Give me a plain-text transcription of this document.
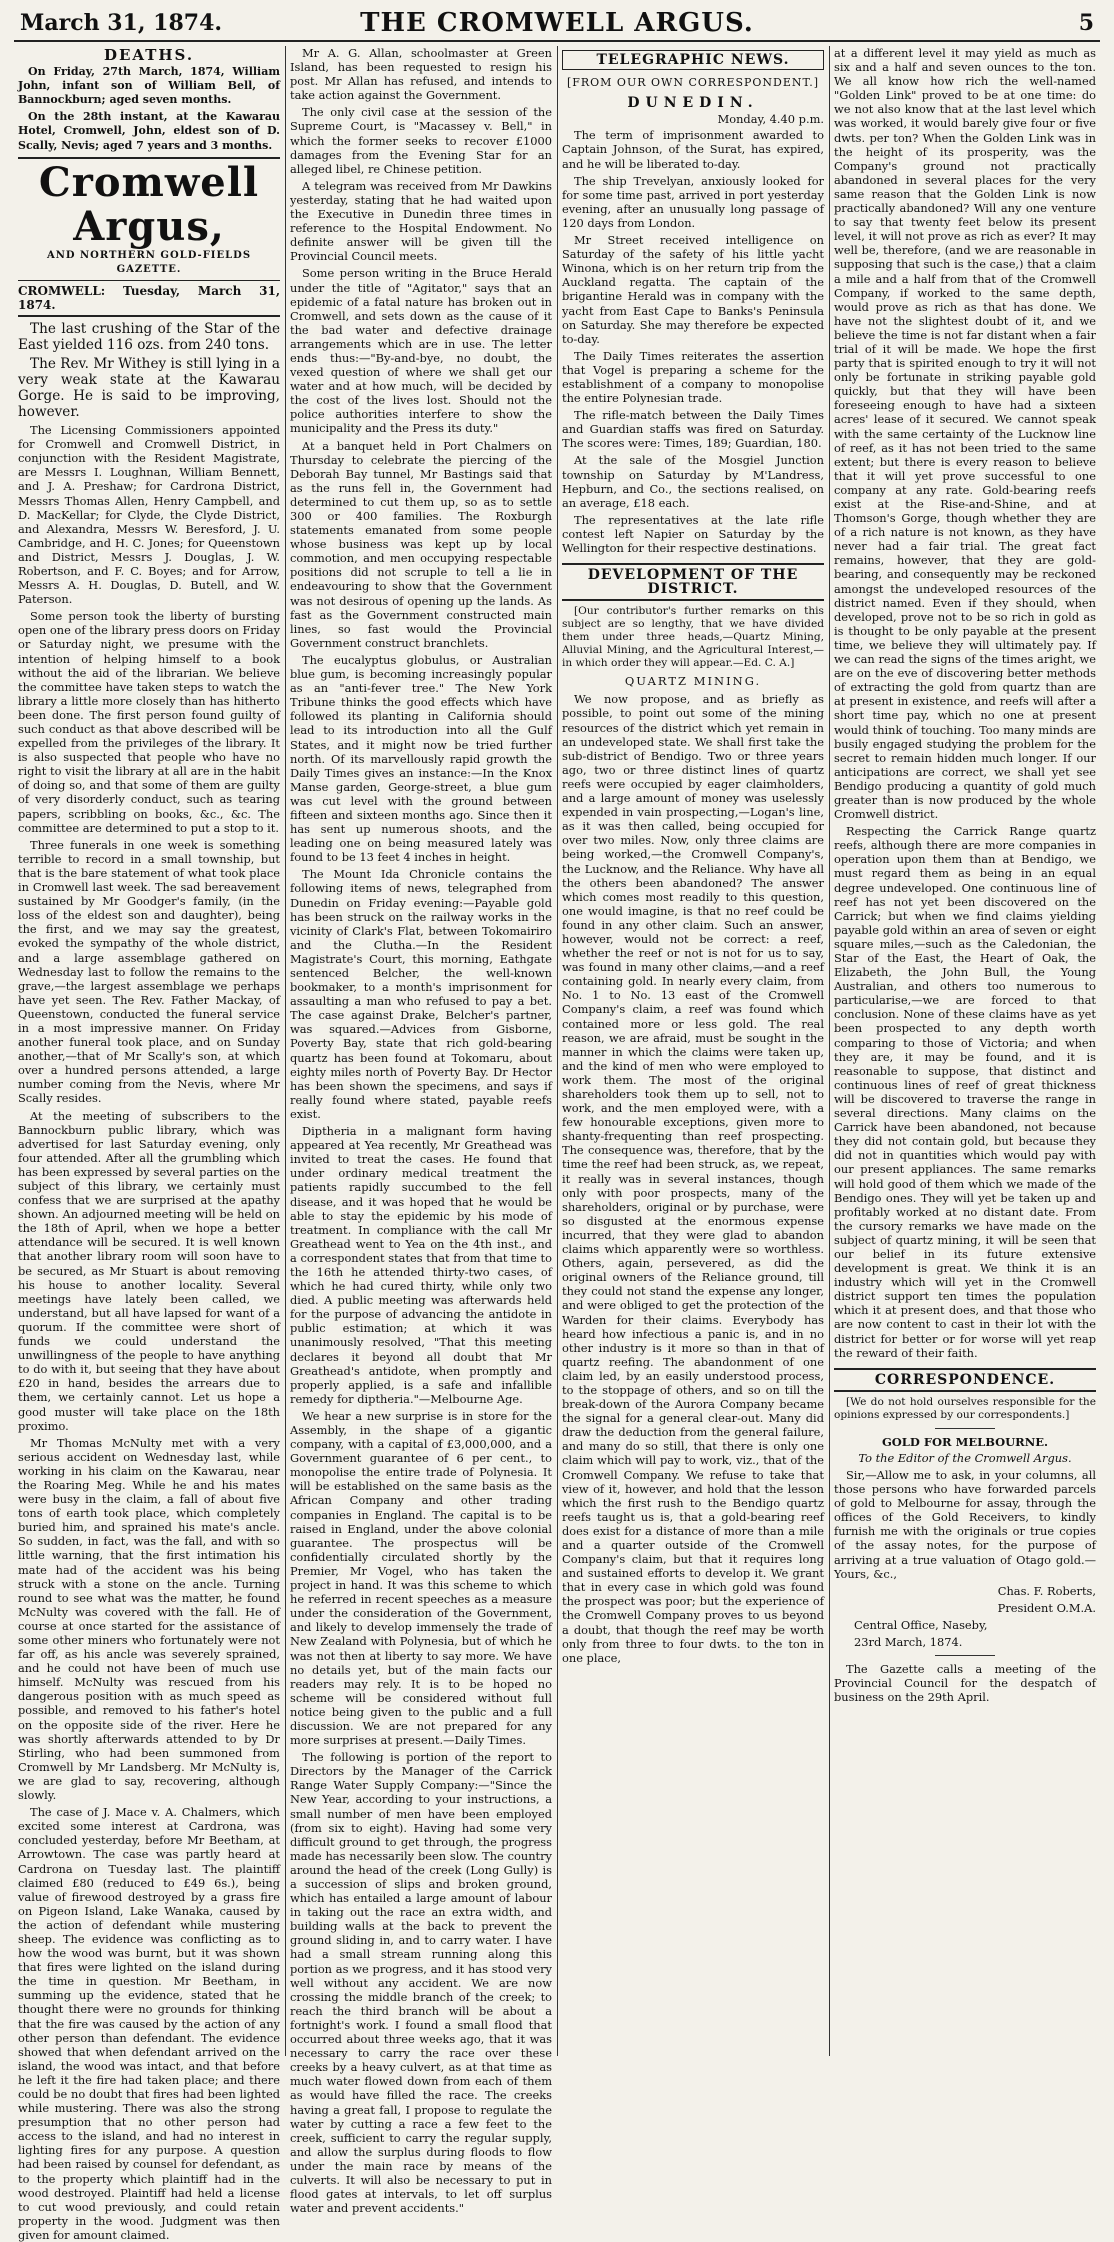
March 31, 1874.	THE CROMWELL ARGUS.	5
DEATHS.

On Friday, 27th March, 1874, William John, infant son of William Bell, of Bannockburn; aged seven months.

On the 28th instant, at the Kawarau Hotel, Cromwell, John, eldest son of D. Scally, Nevis; aged 7 years and 3 months.

Cromwell Argus,
AND NORTHERN GOLD-FIELDS GAZETTE.

CROMWELL: Tuesday, March 31, 1874.

The last crushing of the Star of the East yielded 116 ozs. from 240 tons.

The Rev. Mr Withey is still lying in a very weak state at the Kawarau Gorge. He is said to be improving, however.

The Licensing Commissioners appointed for Cromwell and Cromwell District, in conjunction with the Resident Magistrate, are Messrs I. Loughnan, William Bennett, and J. A. Preshaw; for Cardrona District, Messrs Thomas Allen, Henry Campbell, and D. MacKellar; for Clyde, the Clyde District, and Alexandra, Messrs W. Beresford, J. U. Cambridge, and H. C. Jones; for Queenstown and District, Messrs J. Douglas, J. W. Robertson, and F. C. Boyes; and for Arrow, Messrs A. H. Douglas, D. Butell, and W. Paterson.

Some person took the liberty of bursting open one of the library press doors on Friday or Saturday night, we presume with the intention of helping himself to a book without the aid of the librarian. We believe the committee have taken steps to watch the library a little more closely than has hitherto been done. The first person found guilty of such conduct as that above described will be expelled from the privileges of the library. It is also suspected that people who have no right to visit the library at all are in the habit of doing so, and that some of them are guilty of very disorderly conduct, such as tearing papers, scribbling on books, &c., &c. The committee are determined to put a stop to it.

Three funerals in one week is something terrible to record in a small township, but that is the bare statement of what took place in Cromwell last week. The sad bereavement sustained by Mr Goodger's family, (in the loss of the eldest son and daughter), being the first, and we may say the greatest, evoked the sympathy of the whole district, and a large assemblage gathered on Wednesday last to follow the remains to the grave,—the largest assemblage we perhaps have yet seen. The Rev. Father Mackay, of Queenstown, conducted the funeral service in a most impressive manner. On Friday another funeral took place, and on Sunday another,—that of Mr Scally's son, at which over a hundred persons attended, a large number coming from the Nevis, where Mr Scally resides.

At the meeting of subscribers to the Bannockburn public library, which was advertised for last Saturday evening, only four attended. After all the grumbling which has been expressed by several parties on the subject of this library, we certainly must confess that we are surprised at the apathy shown. An adjourned meeting will be held on the 18th of April, when we hope a better attendance will be secured. It is well known that another library room will soon have to be secured, as Mr Stuart is about removing his house to another locality. Several meetings have lately been called, we understand, but all have lapsed for want of a quorum. If the committee were short of funds we could understand the unwillingness of the people to have anything to do with it, but seeing that they have about £20 in hand, besides the arrears due to them, we certainly cannot. Let us hope a good muster will take place on the 18th proximo.

Mr Thomas McNulty met with a very serious accident on Wednesday last, while working in his claim on the Kawarau, near the Roaring Meg. While he and his mates were busy in the claim, a fall of about five tons of earth took place, which completely buried him, and sprained his mate's ancle. So sudden, in fact, was the fall, and with so little warning, that the first intimation his mate had of the accident was his being struck with a stone on the ancle. Turning round to see what was the matter, he found McNulty was covered with the fall. He of course at once started for the assistance of some other miners who fortunately were not far off, as his ancle was severely sprained, and he could not have been of much use himself. McNulty was rescued from his dangerous position with as much speed as possible, and removed to his father's hotel on the opposite side of the river. Here he was shortly afterwards attended to by Dr Stirling, who had been summoned from Cromwell by Mr Landsberg. Mr McNulty is, we are glad to say, recovering, although slowly.

The case of J. Mace v. A. Chalmers, which excited some interest at Cardrona, was concluded yesterday, before Mr Beetham, at Arrowtown. The case was partly heard at Cardrona on Tuesday last. The plaintiff claimed £80 (reduced to £49 6s.), being value of firewood destroyed by a grass fire on Pigeon Island, Lake Wanaka, caused by the action of defendant while mustering sheep. The evidence was conflicting as to how the wood was burnt, but it was shown that fires were lighted on the island during the time in question. Mr Beetham, in summing up the evidence, stated that he thought there were no grounds for thinking that the fire was caused by the action of any other person than defendant. The evidence showed that when defendant arrived on the island, the wood was intact, and that before he left it the fire had taken place; and there could be no doubt that fires had been lighted while mustering. There was also the strong presumption that no other person had access to the island, and had no interest in lighting fires for any purpose. A question had been raised by counsel for defendant, as to the property which plaintiff had in the wood destroyed. Plaintiff had held a license to cut wood previously, and could retain property in the wood. Judgment was then given for amount claimed.

Mr A. G. Allan, schoolmaster at Green Island, has been requested to resign his post. Mr Allan has refused, and intends to take action against the Government.

The only civil case at the session of the Supreme Court, is "Macassey v. Bell," in which the former seeks to recover £1000 damages from the Evening Star for an alleged libel, re Chinese petition.

A telegram was received from Mr Dawkins yesterday, stating that he had waited upon the Executive in Dunedin three times in reference to the Hospital Endowment. No definite answer will be given till the Provincial Council meets.

Some person writing in the Bruce Herald under the title of "Agitator," says that an epidemic of a fatal nature has broken out in Cromwell, and sets down as the cause of it the bad water and defective drainage arrangements which are in use. The letter ends thus:—"By-and-bye, no doubt, the vexed question of where we shall get our water and at how much, will be decided by the cost of the lives lost. Should not the police authorities interfere to show the municipality and the Press its duty."

At a banquet held in Port Chalmers on Thursday to celebrate the piercing of the Deborah Bay tunnel, Mr Bastings said that as the runs fell in, the Government had determined to cut them up, so as to settle 300 or 400 families. The Roxburgh statements emanated from some people whose business was kept up by local commotion, and men occupying respectable positions did not scruple to tell a lie in endeavouring to show that the Government was not desirous of opening up the lands. As fast as the Government constructed main lines, so fast would the Provincial Government construct branchlets.

The eucalyptus globulus, or Australian blue gum, is becoming increasingly popular as an "anti-fever tree." The New York Tribune thinks the good effects which have followed its planting in California should lead to its introduction into all the Gulf States, and it might now be tried further north. Of its marvellously rapid growth the Daily Times gives an instance:—In the Knox Manse garden, George-street, a blue gum was cut level with the ground between fifteen and sixteen months ago. Since then it has sent up numerous shoots, and the leading one on being measured lately was found to be 13 feet 4 inches in height.

The Mount Ida Chronicle contains the following items of news, telegraphed from Dunedin on Friday evening:—Payable gold has been struck on the railway works in the vicinity of Clark's Flat, between Tokomairiro and the Clutha.—In the Resident Magistrate's Court, this morning, Eathgate sentenced Belcher, the well-known bookmaker, to a month's imprisonment for assaulting a man who refused to pay a bet. The case against Drake, Belcher's partner, was squared.—Advices from Gisborne, Poverty Bay, state that rich gold-bearing quartz has been found at Tokomaru, about eighty miles north of Poverty Bay. Dr Hector has been shown the specimens, and says if really found where stated, payable reefs exist.

Diptheria in a malignant form having appeared at Yea recently, Mr Greathead was invited to treat the cases. He found that under ordinary medical treatment the patients rapidly succumbed to the fell disease, and it was hoped that he would be able to stay the epidemic by his mode of treatment. In compliance with the call Mr Greathead went to Yea on the 4th inst., and a correspondent states that from that time to the 16th he attended thirty-two cases, of which he had cured thirty, while only two died. A public meeting was afterwards held for the purpose of advancing the antidote in public estimation; at which it was unanimously resolved, "That this meeting declares it beyond all doubt that Mr Greathead's antidote, when promptly and properly applied, is a safe and infallible remedy for diptheria."—Melbourne Age.

We hear a new surprise is in store for the Assembly, in the shape of a gigantic company, with a capital of £3,000,000, and a Government guarantee of 6 per cent., to monopolise the entire trade of Polynesia. It will be established on the same basis as the African Company and other trading companies in England. The capital is to be raised in England, under the above colonial guarantee. The prospectus will be confidentially circulated shortly by the Premier, Mr Vogel, who has taken the project in hand. It was this scheme to which he referred in recent speeches as a measure under the consideration of the Government, and likely to develop immensely the trade of New Zealand with Polynesia, but of which he was not then at liberty to say more. We have no details yet, but of the main facts our readers may rely. It is to be hoped no scheme will be considered without full notice being given to the public and a full discussion. We are not prepared for any more surprises at present.—Daily Times.

The following is portion of the report to Directors by the Manager of the Carrick Range Water Supply Company:—"Since the New Year, according to your instructions, a small number of men have been employed (from six to eight). Having had some very difficult ground to get through, the progress made has necessarily been slow. The country around the head of the creek (Long Gully) is a succession of slips and broken ground, which has entailed a large amount of labour in taking out the race an extra width, and building walls at the back to prevent the ground sliding in, and to carry water. I have had a small stream running along this portion as we progress, and it has stood very well without any accident. We are now crossing the middle branch of the creek; to reach the third branch will be about a fortnight's work. I found a small flood that occurred about three weeks ago, that it was necessary to carry the race over these creeks by a heavy culvert, as at that time as much water flowed down from each of them as would have filled the race. The creeks having a great fall, I propose to regulate the water by cutting a race a few feet to the creek, sufficient to carry the regular supply, and allow the surplus during floods to flow under the main race by means of the culverts. It will also be necessary to put in flood gates at intervals, to let off surplus water and prevent accidents."

TELEGRAPHIC NEWS.
[FROM OUR OWN CORRESPONDENT.]
DUNEDIN.

Monday, 4.40 p.m.

The term of imprisonment awarded to Captain Johnson, of the Surat, has expired, and he will be liberated to-day.

The ship Trevelyan, anxiously looked for for some time past, arrived in port yesterday evening, after an unusually long passage of 120 days from London.

Mr Street received intelligence on Saturday of the safety of his little yacht Winona, which is on her return trip from the Auckland regatta. The captain of the brigantine Herald was in company with the yacht from East Cape to Banks's Peninsula on Saturday. She may therefore be expected to-day.

The Daily Times reiterates the assertion that Vogel is preparing a scheme for the establishment of a company to monopolise the entire Polynesian trade.

The rifle-match between the Daily Times and Guardian staffs was fired on Saturday. The scores were: Times, 189; Guardian, 180.

At the sale of the Mosgiel Junction township on Saturday by M'Landress, Hepburn, and Co., the sections realised, on an average, £18 each.

The representatives at the late rifle contest left Napier on Saturday by the Wellington for their respective destinations.

DEVELOPMENT OF THE DISTRICT.

[Our contributor's further remarks on this subject are so lengthy, that we have divided them under three heads,—Quartz Mining, Alluvial Mining, and the Agricultural Interest,—in which order they will appear.—Ed. C. A.]

QUARTZ MINING.

We now propose, and as briefly as possible, to point out some of the mining resources of the district which yet remain in an undeveloped state. We shall first take the sub-district of Bendigo. Two or three years ago, two or three distinct lines of quartz reefs were occupied by eager claimholders, and a large amount of money was uselessly expended in vain prospecting,—Logan's line, as it was then called, being occupied for over two miles. Now, only three claims are being worked,—the Cromwell Company's, the Lucknow, and the Reliance. Why have all the others been abandoned? The answer which comes most readily to this question, one would imagine, is that no reef could be found in any other claim. Such an answer, however, would not be correct: a reef, whether the reef or not is not for us to say, was found in many other claims,—and a reef containing gold. In nearly every claim, from No. 1 to No. 13 east of the Cromwell Company's claim, a reef was found which contained more or less gold. The real reason, we are afraid, must be sought in the manner in which the claims were taken up, and the kind of men who were employed to work them. The most of the original shareholders took them up to sell, not to work, and the men employed were, with a few honourable exceptions, given more to shanty-frequenting than reef prospecting. The consequence was, therefore, that by the time the reef had been struck, as, we repeat, it really was in several instances, though only with poor prospects, many of the shareholders, original or by purchase, were so disgusted at the enormous expense incurred, that they were glad to abandon claims which apparently were so worthless. Others, again, persevered, as did the original owners of the Reliance ground, till they could not stand the expense any longer, and were obliged to get the protection of the Warden for their claims. Everybody has heard how infectious a panic is, and in no other industry is it more so than in that of quartz reefing. The abandonment of one claim led, by an easily understood process, to the stoppage of others, and so on till the break-down of the Aurora Company became the signal for a general clear-out. Many did draw the deduction from the general failure, and many do so still, that there is only one claim which will pay to work, viz., that of the Cromwell Company. We refuse to take that view of it, however, and hold that the lesson which the first rush to the Bendigo quartz reefs taught us is, that a gold-bearing reef does exist for a distance of more than a mile and a quarter outside of the Cromwell Company's claim, but that it requires long and sustained efforts to develop it. We grant that in every case in which gold was found the prospect was poor; but the experience of the Cromwell Company proves to us beyond a doubt, that though the reef may be worth only from three to four dwts. to the ton in one place,

at a different level it may yield as much as six and a half and seven ounces to the ton. We all know how rich the well-named "Golden Link" proved to be at one time: do we not also know that at the last level which was worked, it would barely give four or five dwts. per ton? When the Golden Link was in the height of its prosperity, was the Company's ground not practically abandoned in several places for the very same reason that the Golden Link is now practically abandoned? Will any one venture to say that twenty feet below its present level, it will not prove as rich as ever? It may well be, therefore, (and we are reasonable in supposing that such is the case,) that a claim a mile and a half from that of the Cromwell Company, if worked to the same depth, would prove as rich as that has done. We have not the slightest doubt of it, and we believe the time is not far distant when a fair trial of it will be made. We hope the first party that is spirited enough to try it will not only be fortunate in striking payable gold quickly, but that they will have been foreseeing enough to have had a sixteen acres' lease of it secured. We cannot speak with the same certainty of the Lucknow line of reef, as it has not been tried to the same extent; but there is every reason to believe that it will yet prove successful to one company at any rate. Gold-bearing reefs exist at the Rise-and-Shine, and at Thomson's Gorge, though whether they are of a rich nature is not known, as they have never had a fair trial. The great fact remains, however, that they are gold-bearing, and consequently may be reckoned amongst the undeveloped resources of the district named. Even if they should, when developed, prove not to be so rich in gold as is thought to be only payable at the present time, we believe they will ultimately pay. If we can read the signs of the times aright, we are on the eve of discovering better methods of extracting the gold from quartz than are at present in existence, and reefs will after a short time pay, which no one at present would think of touching. Too many minds are busily engaged studying the problem for the secret to remain hidden much longer. If our anticipations are correct, we shall yet see Bendigo producing a quantity of gold much greater than is now produced by the whole Cromwell district.

Respecting the Carrick Range quartz reefs, although there are more companies in operation upon them than at Bendigo, we must regard them as being in an equal degree undeveloped. One continuous line of reef has not yet been discovered on the Carrick; but when we find claims yielding payable gold within an area of seven or eight square miles,—such as the Caledonian, the Star of the East, the Heart of Oak, the Elizabeth, the John Bull, the Young Australian, and others too numerous to particularise,—we are forced to that conclusion. None of these claims have as yet been prospected to any depth worth comparing to those of Victoria; and when they are, it may be found, and it is reasonable to suppose, that distinct and continuous lines of reef of great thickness will be discovered to traverse the range in several directions. Many claims on the Carrick have been abandoned, not because they did not contain gold, but because they did not in quantities which would pay with our present appliances. The same remarks will hold good of them which we made of the Bendigo ones. They will yet be taken up and profitably worked at no distant date. From the cursory remarks we have made on the subject of quartz mining, it will be seen that our belief in its future extensive development is great. We think it is an industry which will yet in the Cromwell district support ten times the population which it at present does, and that those who are now content to cast in their lot with the district for better or for worse will yet reap the reward of their faith.

CORRESPONDENCE.

[We do not hold ourselves responsible for the opinions expressed by our correspondents.]

GOLD FOR MELBOURNE.

To the Editor of the Cromwell Argus.

Sir,—Allow me to ask, in your columns, all those persons who have forwarded parcels of gold to Melbourne for assay, through the offices of the Gold Receivers, to kindly furnish me with the originals or true copies of the assay notes, for the purpose of arriving at a true valuation of Otago gold.—Yours, &c.,

Chas. F. Roberts,

President O.M.A.

Central Office, Naseby,

23rd March, 1874.

The Gazette calls a meeting of the Provincial Council for the despatch of business on the 29th April.
